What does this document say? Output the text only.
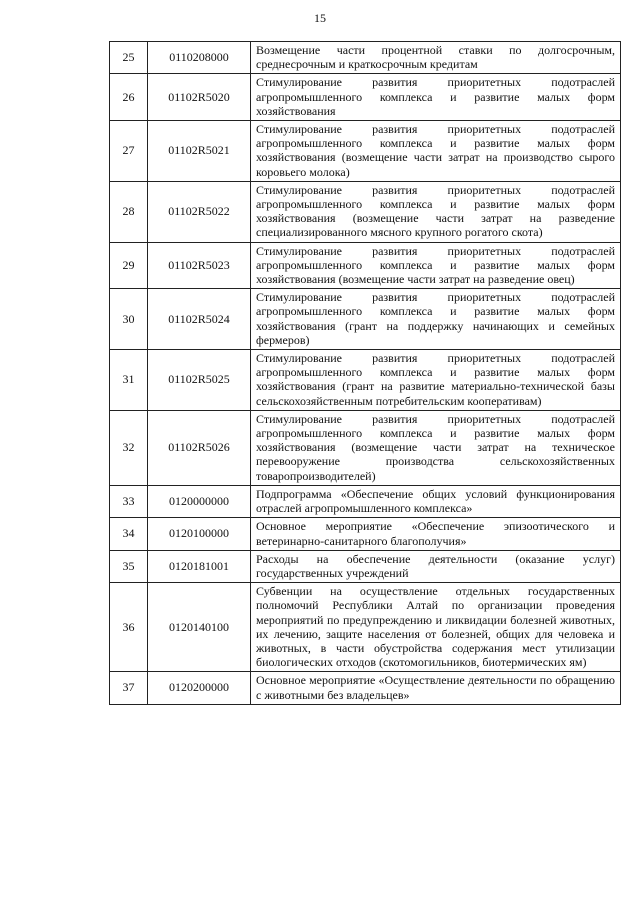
15
25	0110208000	Возмещение части процентной ставки по долгосрочным, среднесрочным и краткосрочным кредитам
26	01102R5020	Стимулирование развития приоритетных подотраслей агропромышленного комплекса и развитие малых форм хозяйствования
27	01102R5021	Стимулирование развития приоритетных подотраслей агропромышленного комплекса и развитие малых форм хозяйствования (возмещение части затрат на производство сырого коровьего молока)
28	01102R5022	Стимулирование развития приоритетных подотраслей агропромышленного комплекса и развитие малых форм хозяйствования (возмещение части затрат на разведение специализированного мясного крупного рогатого скота)
29	01102R5023	Стимулирование развития приоритетных подотраслей агропромышленного комплекса и развитие малых форм хозяйствования (возмещение части затрат на разведение овец)
30	01102R5024	Стимулирование развития приоритетных подотраслей агропромышленного комплекса и развитие малых форм хозяйствования (грант на поддержку начинающих и семейных фермеров)
31	01102R5025	Стимулирование развития приоритетных подотраслей агропромышленного комплекса и развитие малых форм хозяйствования (грант на развитие материально-технической базы сельскохозяйственным потребительским кооперативам)
32	01102R5026	Стимулирование развития приоритетных подотраслей агропромышленного комплекса и развитие малых форм хозяйствования (возмещение части затрат на техническое перевооружение производства сельскохозяйственных товаропроизводителей)
33	0120000000	Подпрограмма «Обеспечение общих условий функционирования отраслей агропромышленного комплекса»
34	0120100000	Основное мероприятие «Обеспечение эпизоотического и ветеринарно-санитарного благополучия»
35	0120181001	Расходы на обеспечение деятельности (оказание услуг) государственных учреждений
36	0120140100	Субвенции на осуществление отдельных государственных полномочий Республики Алтай по организации проведения мероприятий по предупреждению и ликвидации болезней животных, их лечению, защите населения от болезней, общих для человека и животных, в части обустройства содержания мест утилизации биологических отходов (скотомогильников, биотермических ям)
37	0120200000	Основное мероприятие «Осуществление деятельности по обращению с животными без владельцев»
